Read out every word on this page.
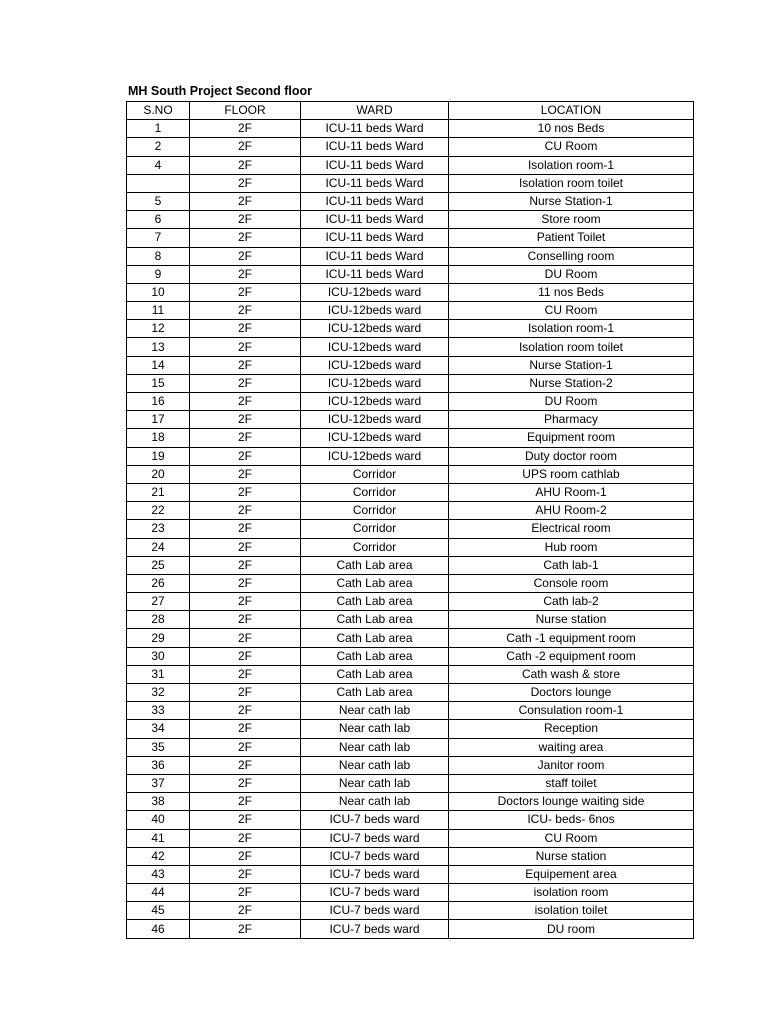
MH South Project Second floor
S.NO	FLOOR	WARD	LOCATION
1	2F	ICU-11 beds Ward	10 nos Beds
2	2F	ICU-11 beds Ward	CU Room
4	2F	ICU-11 beds Ward	Isolation room-1
	2F	ICU-11 beds Ward	Isolation room toilet
5	2F	ICU-11 beds Ward	Nurse Station-1
6	2F	ICU-11 beds Ward	Store room
7	2F	ICU-11 beds Ward	Patient Toilet
8	2F	ICU-11 beds Ward	Conselling room
9	2F	ICU-11 beds Ward	DU Room
10	2F	ICU-12beds ward	11 nos Beds
11	2F	ICU-12beds ward	CU Room
12	2F	ICU-12beds ward	Isolation room-1
13	2F	ICU-12beds ward	Isolation room toilet
14	2F	ICU-12beds ward	Nurse Station-1
15	2F	ICU-12beds ward	Nurse Station-2
16	2F	ICU-12beds ward	DU Room
17	2F	ICU-12beds ward	Pharmacy
18	2F	ICU-12beds ward	Equipment room
19	2F	ICU-12beds ward	Duty doctor room
20	2F	Corridor	UPS room cathlab
21	2F	Corridor	AHU Room-1
22	2F	Corridor	AHU Room-2
23	2F	Corridor	Electrical room
24	2F	Corridor	Hub room
25	2F	Cath Lab area	Cath lab-1
26	2F	Cath Lab area	Console room
27	2F	Cath Lab area	Cath lab-2
28	2F	Cath Lab area	Nurse station
29	2F	Cath Lab area	Cath -1 equipment room
30	2F	Cath Lab area	Cath -2 equipment room
31	2F	Cath Lab area	Cath wash & store
32	2F	Cath Lab area	Doctors lounge
33	2F	Near cath lab	Consulation room-1
34	2F	Near cath lab	Reception
35	2F	Near cath lab	waiting area
36	2F	Near cath lab	Janitor room
37	2F	Near cath lab	staff toilet
38	2F	Near cath lab	Doctors lounge waiting side
40	2F	ICU-7 beds ward	ICU- beds- 6nos
41	2F	ICU-7 beds ward	CU Room
42	2F	ICU-7 beds ward	Nurse station
43	2F	ICU-7 beds ward	Equipement area
44	2F	ICU-7 beds ward	isolation room
45	2F	ICU-7 beds ward	isolation toilet
46	2F	ICU-7 beds ward	DU room
